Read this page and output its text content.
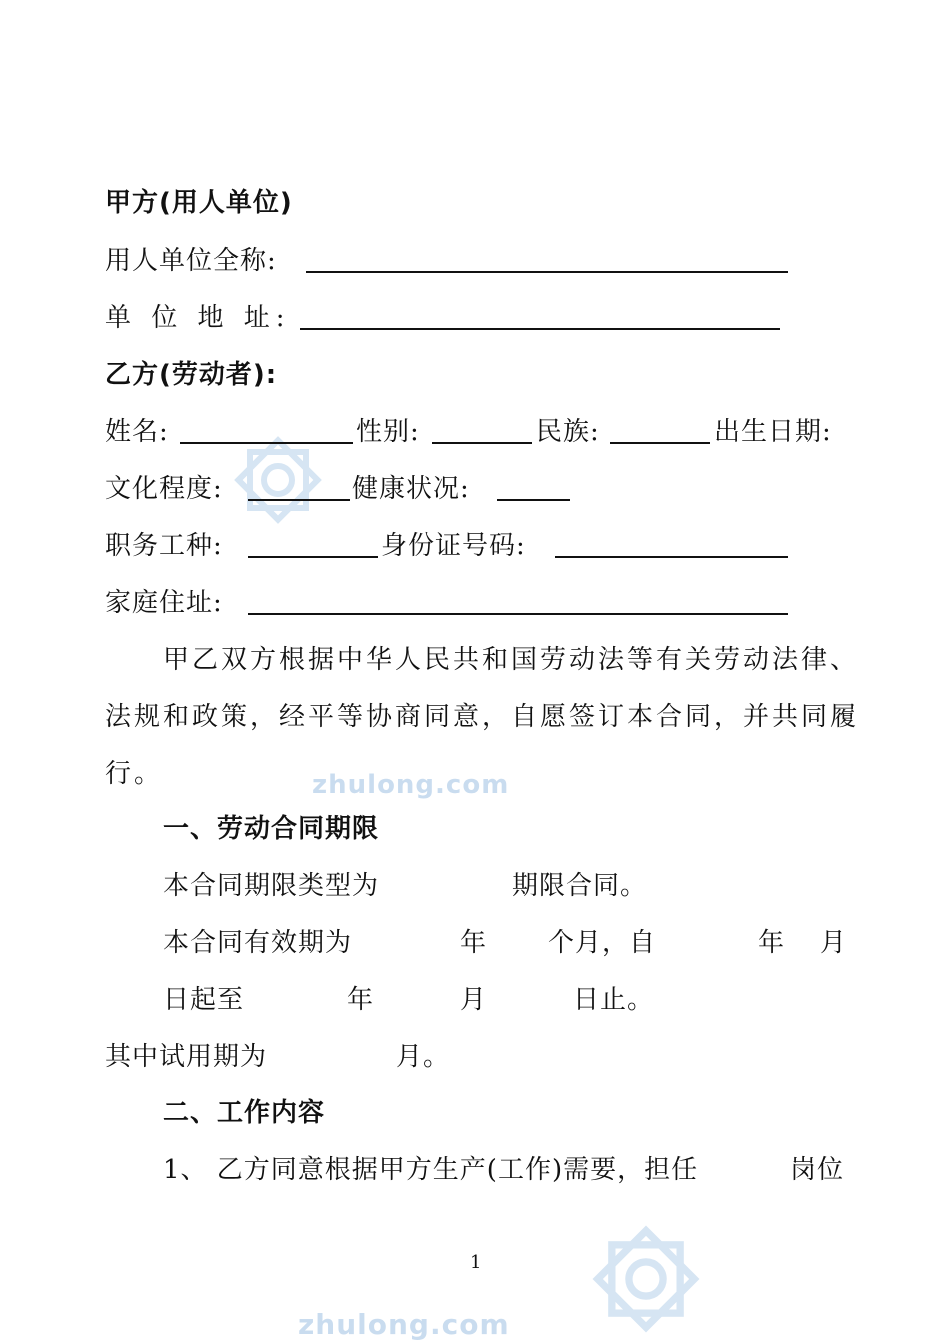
zhulong.com
zhulong.com
甲方(用人单位)
用人单位全称:
单 位 地 址:
乙方(劳动者):
姓名:	性别:	民族:	出生日期:
文化程度:	健康状况:
职务工种:	身份证号码:
家庭住址:
甲乙双方根据中华人民共和国劳动法等有关劳动法律、
法规和政策，经平等协商同意，自愿签订本合同，并共同履
行。
一、劳动合同期限
本合同期限类型为	期限合同。
本合同有效期为	年 个月，自	年 月
日起至	年	月	日止。
其中试用期为	月。
二、工作内容
1、 乙方同意根据甲方生产(工作)需要，担任	岗位
1
